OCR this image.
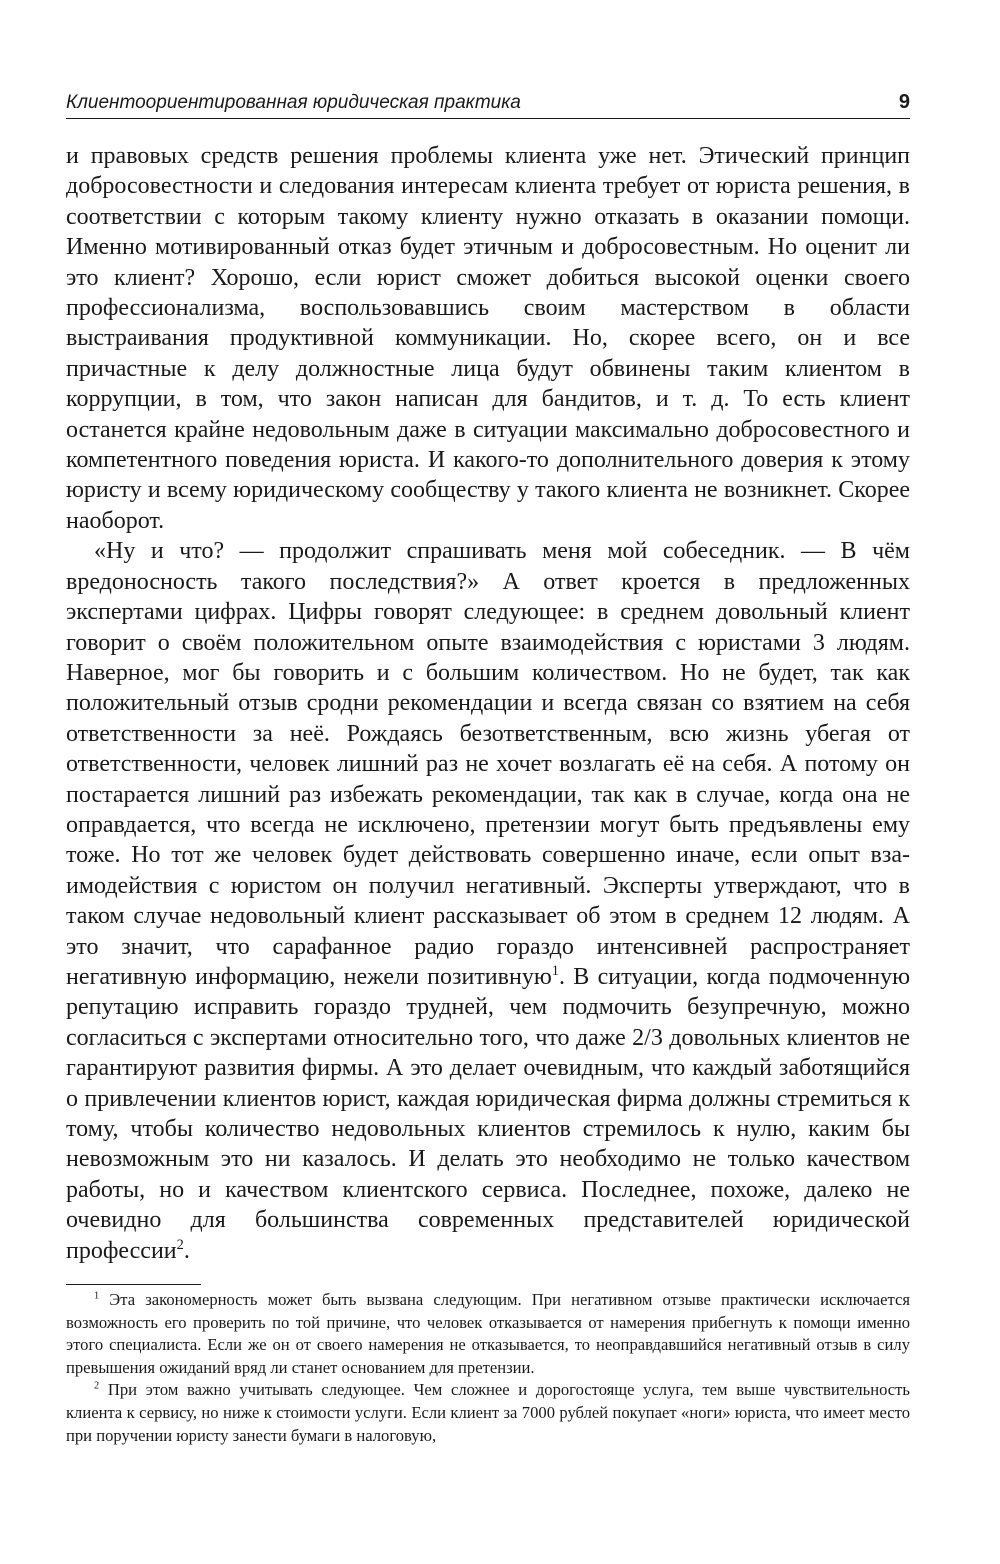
Клиентоориентированная юридическая практика	9

и правовых средств решения проблемы клиента уже нет. Этический принцип добросовестности и следования интересам клиента требует от юриста решения, в соответствии с которым такому клиенту нужно отказать в оказании помощи. Именно мотивированный отказ будет этичным и добросовестным. Но оценит ли это клиент? Хорошо, если юрист сможет добиться высокой оценки своего профессионализма, воспользовавшись своим мастерством в области выстраивания продуктивной коммуникации. Но, скорее всего, он и все причастные к делу должностные лица будут обвинены таким клиентом в коррупции, в том, что закон написан для бандитов, и т. д. То есть клиент останется крайне недовольным даже в ситуации максимально добросовестного и компетентного поведения юриста. И какого-то дополнительного доверия к этому юристу и всему юридическому сообществу у такого клиента не возникнет. Скорее наоборот.

«Ну и что? — продолжит спрашивать меня мой собеседник. — В чём вредоносность такого последствия?» А ответ кроется в предложенных экспертами цифрах. Цифры говорят следующее: в среднем довольный клиент говорит о своём положительном опыте взаимодействия с юристами 3 людям. Наверное, мог бы говорить и с большим количеством. Но не будет, так как положительный отзыв сродни рекомендации и всегда связан со взятием на себя ответственности за неё. Рождаясь безответственным, всю жизнь убегая от ответственности, человек лишний раз не хочет возлагать её на себя. А потому он постарается лишний раз избежать рекомендации, так как в случае, когда она не оправдается, что всегда не исключено, претензии могут быть предъявлены ему тоже. Но тот же человек будет действовать совершенно иначе, если опыт взаимодействия с юристом он получил негативный. Эксперты утверждают, что в таком случае недовольный клиент рассказывает об этом в среднем 12 людям. А это значит, что сарафанное радио гораздо интенсивней распространяет негативную информацию, нежели позитивную$^1$. В ситуации, когда подмоченную репутацию исправить гораздо трудней, чем подмочить безупречную, можно согласиться с экспертами относительно того, что даже 2/3 довольных клиентов не гарантируют развития фирмы. А это делает очевидным, что каждый заботящийся о привлечении клиентов юрист, каждая юридическая фирма должны стремиться к тому, чтобы количество недовольных клиентов стремилось к нулю, каким бы невозможным это ни казалось. И делать это необходимо не только качеством работы, но и качеством клиентского сервиса. Последнее, похоже, далеко не очевидно для большинства современных представителей юридической профессии$^2$.

$^1$ Эта закономерность может быть вызвана следующим. При негативном отзыве практически исключается возможность его проверить по той причине, что человек отказывается от намерения прибегнуть к помощи именно этого специалиста. Если же он от своего намерения не отказывается, то неоправдавшийся негативный отзыв в силу превышения ожиданий вряд ли станет основанием для претензии.

$^2$ При этом важно учитывать следующее. Чем сложнее и дорогостояще услуга, тем выше чувствительность клиента к сервису, но ниже к стоимости услуги. Если клиент за 7000 рублей покупает «ноги» юриста, что имеет место при поручении юристу занести бумаги в налоговую,
